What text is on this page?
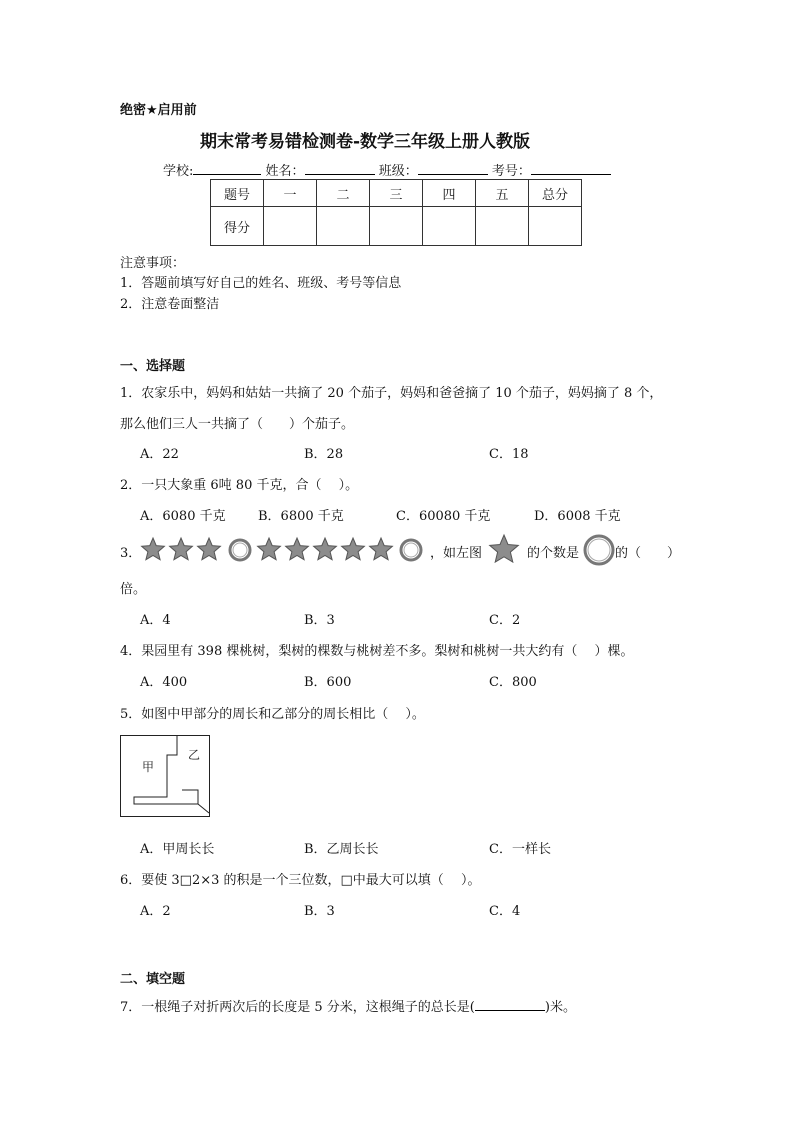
绝密★启用前
期末常考易错检测卷-数学三年级上册人教版
学校:	姓名：	班级：	考号：
题号	一	二	三	四	五	总分
得分						
注意事项：
1．答题前填写好自己的姓名、班级、考号等信息
2．注意卷面整洁
一、选择题
1．农家乐中，妈妈和姑姑一共摘了 20 个茄子，妈妈和爸爸摘了 10 个茄子，妈妈摘了 8 个，
那么他们三人一共摘了（　　）个茄子。
A．22	B．28	C．18
2．一只大象重 6吨 80 千克，合（　 ）。
A．6080 千克 B．6800 千克	C．60080 千克	D．6008 千克
3．	，如左图	的个数是	的（　　）
倍。
A．4	B．3	C．2
4．果园里有 398 棵桃树，梨树的棵数与桃树差不多。梨树和桃树一共大约有（　 ）棵。
A．400	B．600	C．800
5．如图中甲部分的周长和乙部分的周长相比（　 ）。
甲
乙
A．甲周长长	B．乙周长长	C．一样长
6．要使 3□2×3 的积是一个三位数，□中最大可以填（　 ）。
A．2	B．3	C．4
二、填空题
7．一根绳子对折两次后的长度是 5 分米，这根绳子的总长是(	)米。
